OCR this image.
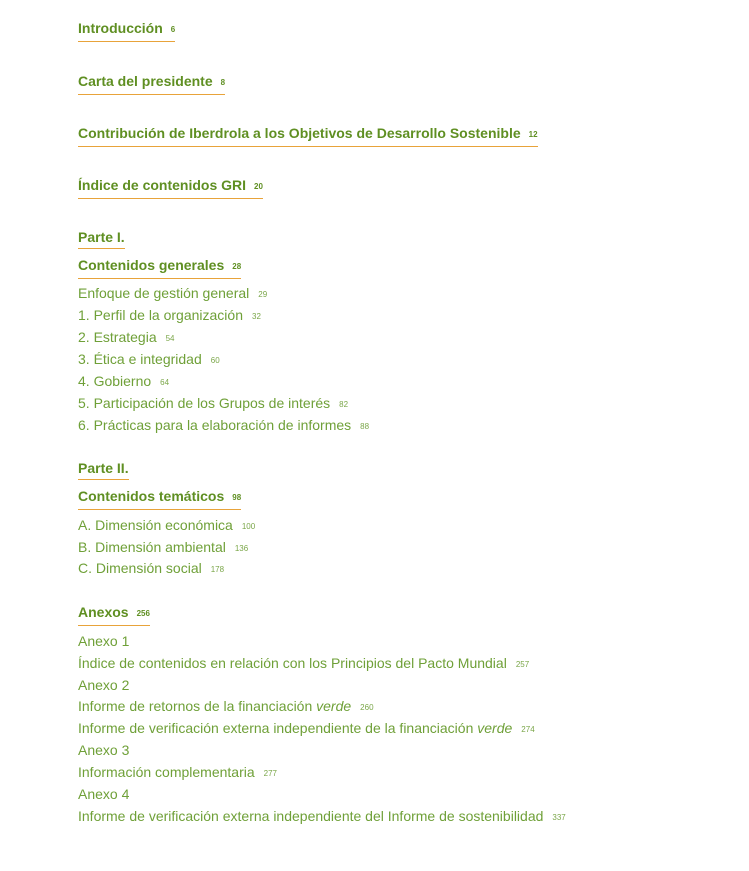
Introducción 6
Carta del presidente 8
Contribución de Iberdrola a los Objetivos de Desarrollo Sostenible 12
Índice de contenidos GRI 20
Parte I.
Contenidos generales 28
Enfoque de gestión general 29
1. Perfil de la organización 32
2. Estrategia 54
3. Ética e integridad 60
4. Gobierno 64
5. Participación de los Grupos de interés 82
6. Prácticas para la elaboración de informes 88
Parte II.
Contenidos temáticos 98
A. Dimensión económica 100
B. Dimensión ambiental 136
C. Dimensión social 178
Anexos 256
Anexo 1
Índice de contenidos en relación con los Principios del Pacto Mundial 257
Anexo 2
Informe de retornos de la financiación verde 260
Informe de verificación externa independiente de la financiación verde 274
Anexo 3
Información complementaria 277
Anexo 4
Informe de verificación externa independiente del Informe de sostenibilidad 337
